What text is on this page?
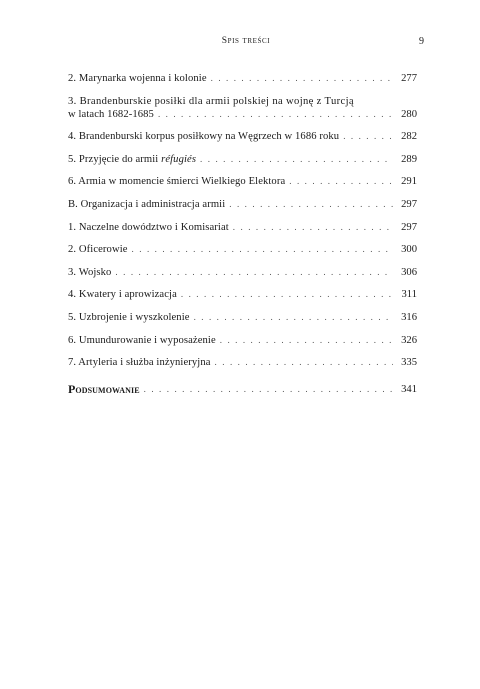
Spis treści	9
2. Marynarka wojenna i kolonie . . .	277
3. Brandenburskie posiłki dla armii polskiej na wojnę z Turcją
w latach 1682-1685 . . .	280
4. Brandenburski korpus posiłkowy na Węgrzech w 1686 roku . . .	282
5. Przyjęcie do armii réfugiés . . .	289
6. Armia w momencie śmierci Wielkiego Elektora . . .	291
B. Organizacja i administracja armii . . .	297
1. Naczelne dowództwo i Komisariat . . .	297
2. Oficerowie . . .	300
3. Wojsko . . .	306
4. Kwatery i aprowizacja . . .	311
5. Uzbrojenie i wyszkolenie . . .	316
6. Umundurowanie i wyposażenie . . .	326
7. Artyleria i służba inżynieryjna . . .	335
Podsumowanie . . .	341
